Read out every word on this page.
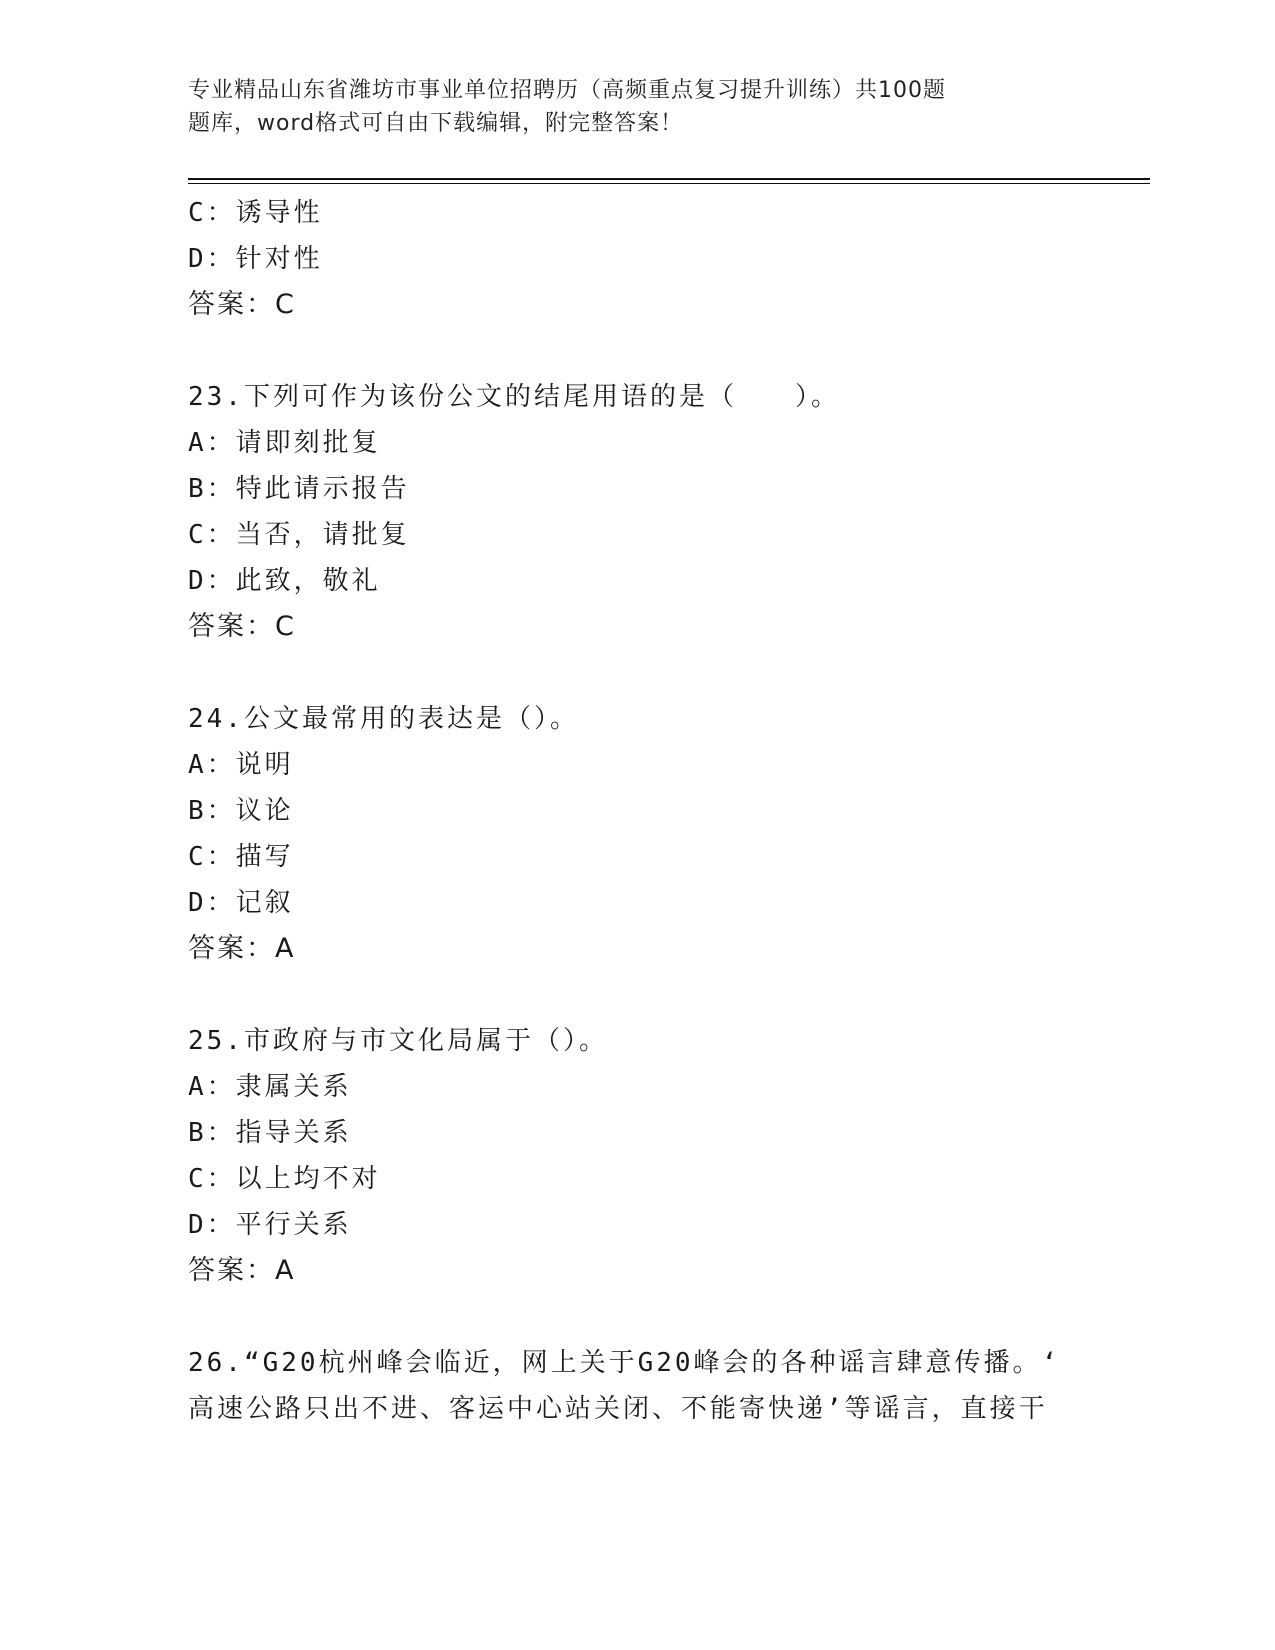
专业精品山东省潍坊市事业单位招聘历（高频重点复习提升训练）共100题
题库，word格式可自由下载编辑，附完整答案！
C：诱导性
D：针对性
答案：C
23.下列可作为该份公文的结尾用语的是（　　）。
A：请即刻批复
B：特此请示报告
C：当否，请批复
D：此致，敬礼
答案：C
24.公文最常用的表达是（）。
A：说明
B：议论
C：描写
D：记叙
答案：A
25.市政府与市文化局属于（）。
A：隶属关系
B：指导关系
C：以上均不对
D：平行关系
答案：A
26.“G20杭州峰会临近，网上关于G20峰会的各种谣言肆意传播。‘
高速公路只出不进、客运中心站关闭、不能寄快递’等谣言，直接干
